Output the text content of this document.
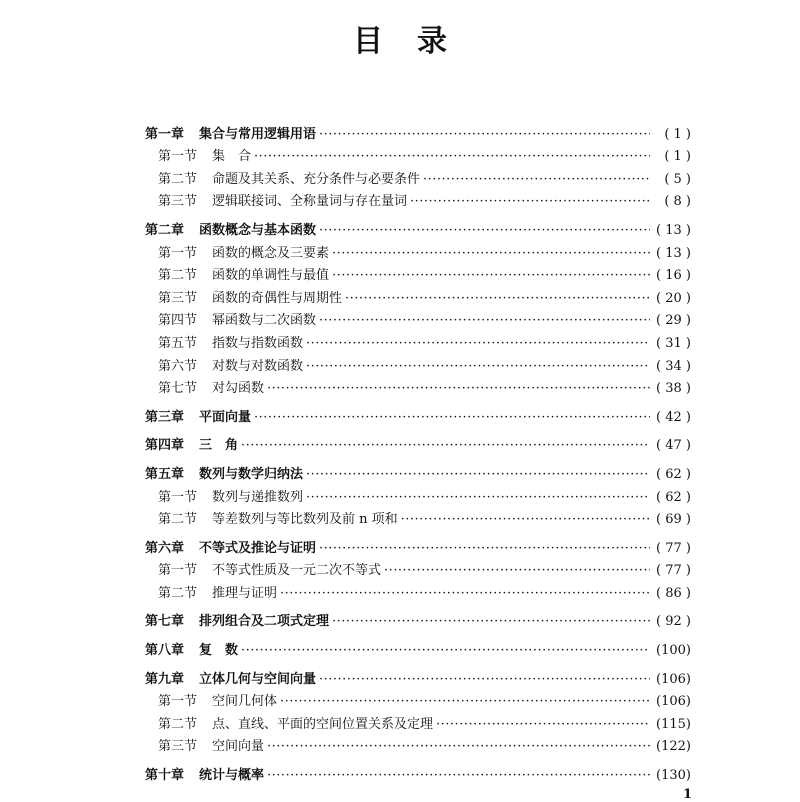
目 录
第一章	集合与常用逻辑用语 ·····	( 1 )
第一节	集　合 ·····	( 1 )
第二节	命题及其关系、充分条件与必要条件 ·····	( 5 )
第三节	逻辑联接词、全称量词与存在量词 ·····	( 8 )
第二章	函数概念与基本函数 ·····	( 13 )
第一节	函数的概念及三要素 ·····	( 13 )
第二节	函数的单调性与最值 ·····	( 16 )
第三节	函数的奇偶性与周期性 ·····	( 20 )
第四节	幂函数与二次函数 ·····	( 29 )
第五节	指数与指数函数 ·····	( 31 )
第六节	对数与对数函数 ·····	( 34 )
第七节	对勾函数 ·····	( 38 )
第三章	平面向量 ·····	( 42 )
第四章	三　角 ·····	( 47 )
第五章	数列与数学归纳法 ·····	( 62 )
第一节	数列与递推数列 ·····	( 62 )
第二节	等差数列与等比数列及前 n 项和 ·····	( 69 )
第六章	不等式及推论与证明 ·····	( 77 )
第一节	不等式性质及一元二次不等式 ·····	( 77 )
第二节	推理与证明 ·····	( 86 )
第七章	排列组合及二项式定理 ·····	( 92 )
第八章	复　数 ·····	(100)
第九章	立体几何与空间向量 ·····	(106)
第一节	空间几何体 ·····	(106)
第二节	点、直线、平面的空间位置关系及定理 ·····	(115)
第三节	空间向量 ·····	(122)
第十章	统计与概率 ·····	(130)
1
